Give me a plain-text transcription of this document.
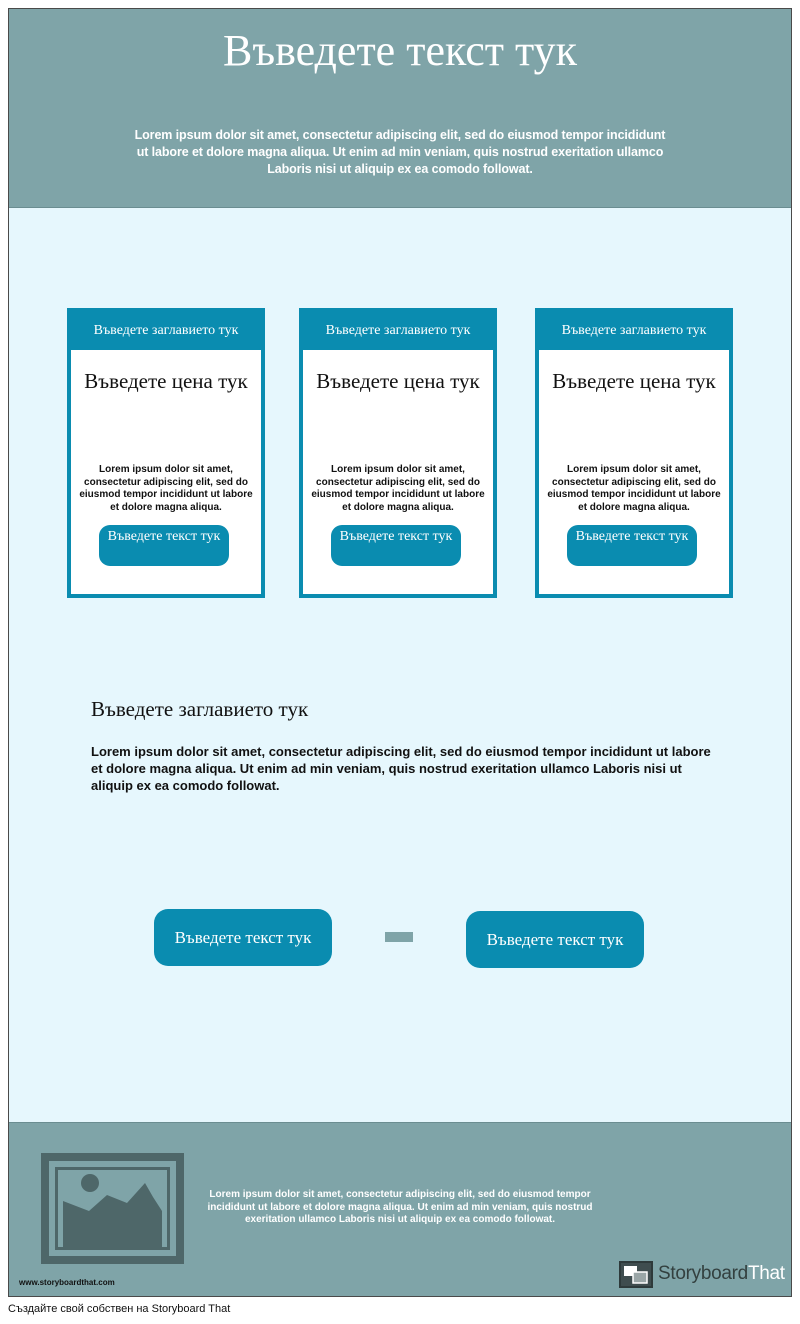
Въведете текст тук
Lorem ipsum dolor sit amet, consectetur adipiscing elit, sed do eiusmod tempor incididunt ut labore et dolore magna aliqua. Ut enim ad min veniam, quis nostrud exeritation ullamco Laboris nisi ut aliquip ex ea comodo followat.
Въведете заглавието тук
Въведете цена тук
Lorem ipsum dolor sit amet, consectetur adipiscing elit, sed do eiusmod tempor incididunt ut labore et dolore magna aliqua.
Въведете текст тук
Въведете заглавието тук
Въведете цена тук
Lorem ipsum dolor sit amet, consectetur adipiscing elit, sed do eiusmod tempor incididunt ut labore et dolore magna aliqua.
Въведете текст тук
Въведете заглавието тук
Въведете цена тук
Lorem ipsum dolor sit amet, consectetur adipiscing elit, sed do eiusmod tempor incididunt ut labore et dolore magna aliqua.
Въведете текст тук
Въведете заглавието тук
Lorem ipsum dolor sit amet, consectetur adipiscing elit, sed do eiusmod tempor incididunt ut labore et dolore magna aliqua. Ut enim ad min veniam, quis nostrud exeritation ullamco Laboris nisi ut aliquip ex ea comodo followat.
Въведете текст тук	Въведете текст тук
Lorem ipsum dolor sit amet, consectetur adipiscing elit, sed do eiusmod tempor incididunt ut labore et dolore magna aliqua. Ut enim ad min veniam, quis nostrud exeritation ullamco Laboris nisi ut aliquip ex ea comodo followat.
www.storyboardthat.com	StoryboardThat
Създайте свой собствен на Storyboard That
